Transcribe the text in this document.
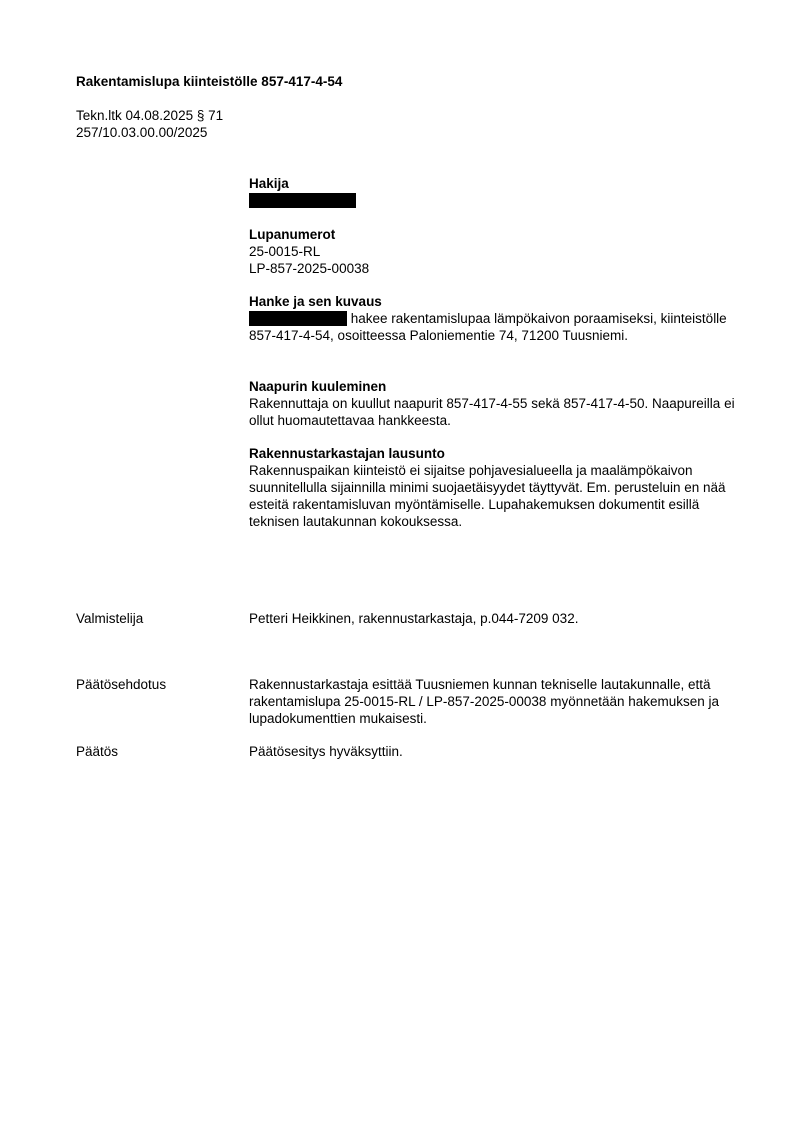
Rakentamislupa kiinteistölle 857-417-4-54
Tekn.ltk 04.08.2025 § 71
257/10.03.00.00/2025
Hakija
Lupanumerot
25-0015-RL
LP-857-2025-00038
Hanke ja sen kuvaus
hakee rakentamislupaa lämpökaivon poraamiseksi, kiinteistölle 857-417-4-54, osoitteessa Paloniementie 74, 71200 Tuusniemi.
Naapurin kuuleminen
Rakennuttaja on kuullut naapurit 857-417-4-55 sekä 857-417-4-50. Naapureilla ei ollut huomautettavaa hankkeesta.
Rakennustarkastajan lausunto
Rakennuspaikan kiinteistö ei sijaitse pohjavesialueella ja maalämpökaivon suunnitellulla sijainnilla minimi suojaetäisyydet täyttyvät. Em. perusteluin en nää esteitä rakentamisluvan myöntämiselle. Lupahakemuksen dokumentit esillä teknisen lautakunnan kokouksessa.
Valmistelija	Petteri Heikkinen, rakennustarkastaja, p.044-7209 032.
Päätösehdotus	Rakennustarkastaja esittää Tuusniemen kunnan tekniselle lautakunnalle, että rakentamislupa 25-0015-RL / LP-857-2025-00038 myönnetään hakemuksen ja lupadokumenttien mukaisesti.
Päätös	Päätösesitys hyväksyttiin.
